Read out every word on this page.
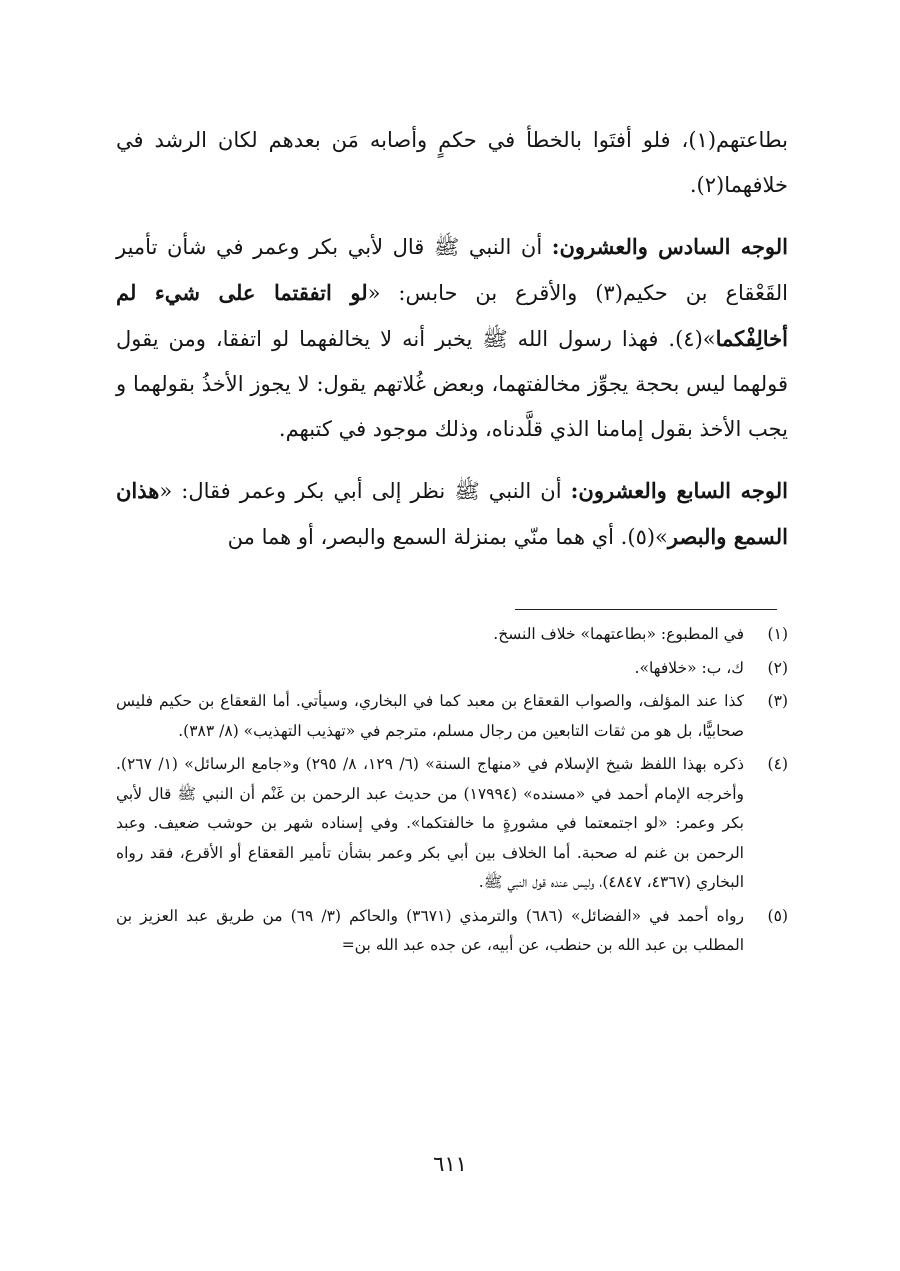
بطاعتهم(١)، فلو أفتَوا بالخطأ في حكمٍ وأصابه مَن بعدهم لكان الرشد في خلافهما(٢).

الوجه السادس والعشرون: أن النبي ﷺ قال لأبي بكر وعمر في شأن تأمير القَعْقاع بن حكيم(٣) والأقرع بن حابس: «لو اتفقتما على شيء لم أخالِفْكما»(٤). فهذا رسول الله ﷺ يخبر أنه لا يخالفهما لو اتفقا، ومن يقول قولهما ليس بحجة يجوِّز مخالفتهما، وبعض غُلاتهم يقول: لا يجوز الأخذُ بقولهما و يجب الأخذ بقول إمامنا الذي قلَّدناه، وذلك موجود في كتبهم.

الوجه السابع والعشرون: أن النبي ﷺ نظر إلى أبي بكر وعمر فقال: «هذان السمع والبصر»(٥). أي هما منّي بمنزلة السمع والبصر، أو هما من

(١)
في المطبوع: «بطاعتهما» خلاف النسخ.
(٢)
ك، ب: «خلافها».
(٣)
كذا عند المؤلف، والصواب القعقاع بن معبد كما في البخاري، وسيأتي. أما القعقاع بن حكيم فليس صحابيًّا، بل هو من ثقات التابعين من رجال مسلم، مترجم في «تهذيب التهذيب» (٨/ ٣٨٣).
(٤)
ذكره بهذا اللفظ شيخ الإسلام في «منهاج السنة» (٦/ ١٢٩، ٨/ ٢٩٥) و«جامع الرسائل» (١/ ٢٦٧). وأخرجه الإمام أحمد في «مسنده» (١٧٩٩٤) من حديث عبد الرحمن بن غَنْم أن النبي ﷺ قال لأبي بكر وعمر: «لو اجتمعتما في مشورةٍ ما خالفتكما». وفي إسناده شهر بن حوشب ضعيف. وعبد الرحمن بن غنم له صحبة. أما الخلاف بين أبي بكر وعمر بشأن تأمير القعقاع أو الأقرع، فقد رواه البخاري (٤٣٦٧، ٤٨٤٧)، وليس عنده قول النبي ﷺ.
(٥)
رواه أحمد في «الفضائل» (٦٨٦) والترمذي (٣٦٧١) والحاكم (٣/ ٦٩) من طريق عبد العزيز بن المطلب بن عبد الله بن حنطب، عن أبيه، عن جده عبد الله بن=
٦١١
